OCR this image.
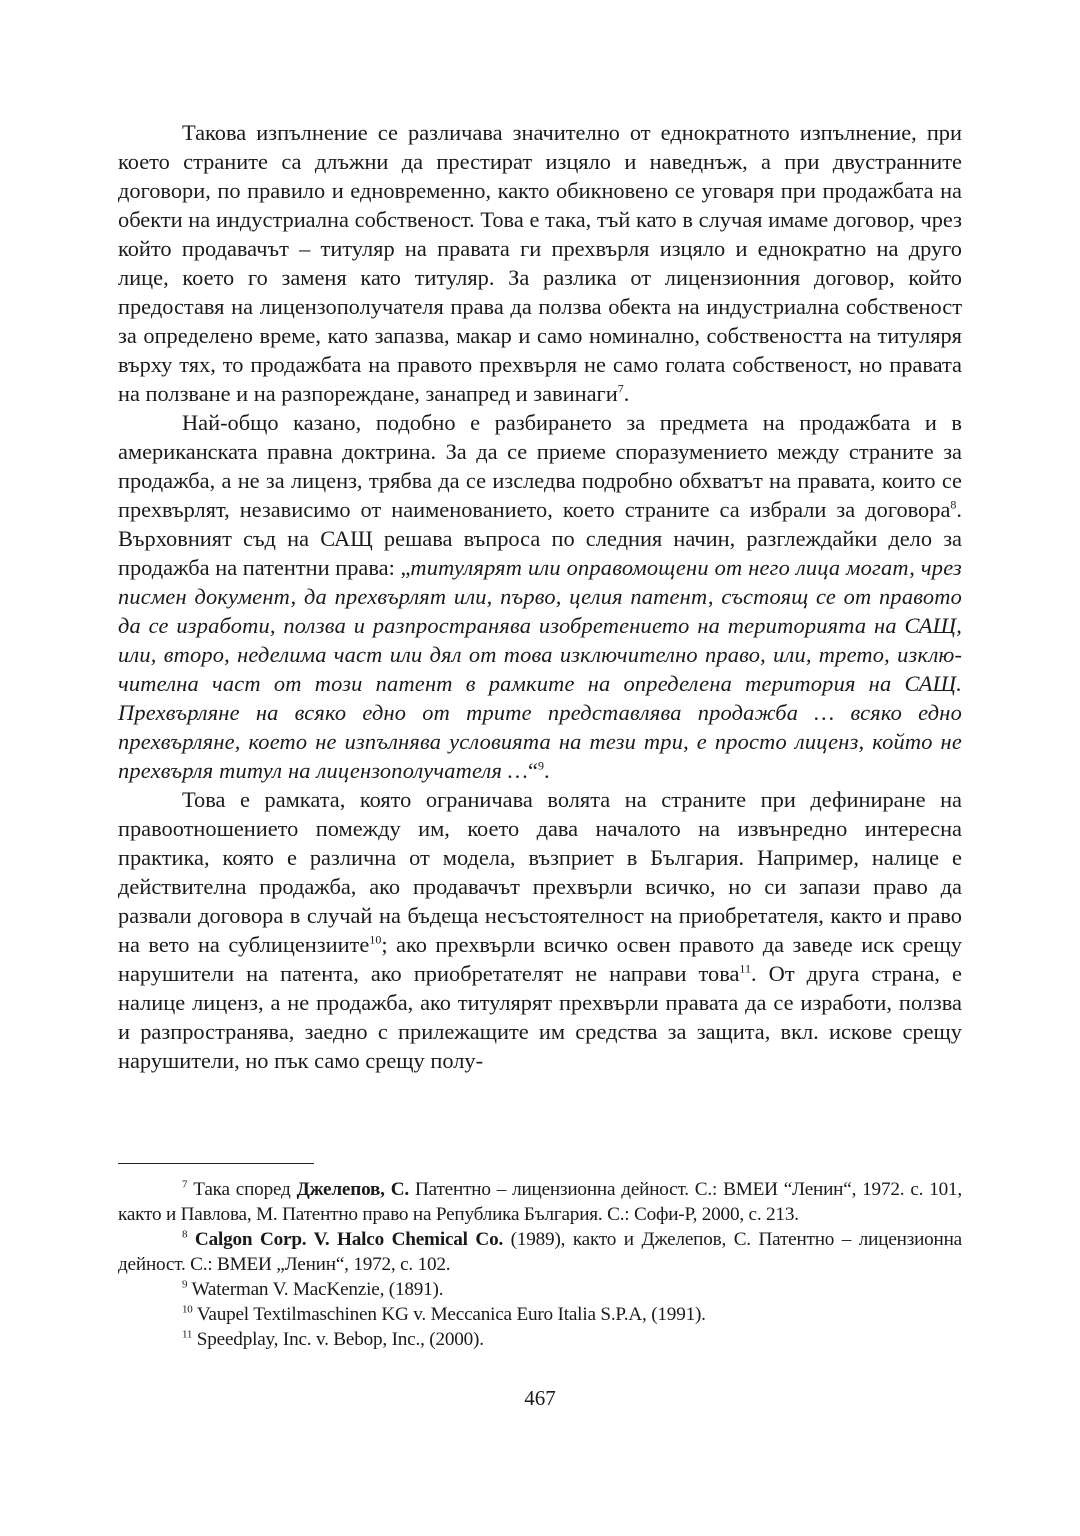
Такова изпълнение се различава значително от еднократното изпълнение, при което страните са длъжни да престират изцяло и наведнъж, а при двустранните договори, по правило и едновременно, както обикновено се уговаря при продажбата на обекти на индустриална собственост. Това е така, тъй като в случая имаме договор, чрез който продавачът – титуляр на правата ги прехвърля изцяло и еднократно на друго лице, което го заменя като титуляр. За разлика от лицензионния договор, който предоставя на лицензополучателя права да ползва обекта на индустриална собственост за определено време, като запазва, макар и само номинално, собствеността на титуляря върху тях, то продажбата на правото прехвърля не само голата собственост, но правата на ползване и на разпореждане, занапред и завинаги$^7$.

Най-общо казано, подобно е разбирането за предмета на продажбата и в американската правна доктрина. За да се приеме споразумението между страните за продажба, а не за лиценз, трябва да се изследва подробно обхватът на правата, които се прехвърлят, независимо от наименованието, което страните са избрали за договора$^8$. Върховният съд на САЩ решава въпроса по следния начин, разглеждайки дело за продажба на патентни права: „титулярят или оправомощени от него лица могат, чрез писмен документ, да прехвърлят или, първо, целия патент, състоящ се от правото да се изработи, ползва и разпространява изобретението на територията на САЩ, или, второ, неделима част или дял от това изключително право, или, трето, изключителна част от този патент в рамките на определена територия на САЩ. Прехвърляне на всяко едно от трите представлява продажба … всяко едно прехвърляне, което не изпълнява условията на тези три, е просто лиценз, който не прехвърля титул на лицензополучателя …“$^9$.

Това е рамката, която ограничава волята на страните при дефиниране на правоотношението помежду им, което дава началото на извънредно интересна практика, която е различна от модела, възприет в България. Например, налице е действителна продажба, ако продавачът прехвърли всичко, но си запази право да развали договора в случай на бъдеща несъстоятелност на приобретателя, както и право на вето на сублицензиите$^{10}$; ако прехвърли всичко освен правото да заведе иск срещу нарушители на патента, ако приобретателят не направи това$^{11}$. От друга страна, е налице лиценз, а не продажба, ако титулярят прехвърли правата да се изработи, ползва и разпространява, заедно с прилежащите им средства за защита, вкл. искове срещу нарушители, но пък само срещу полу-

$^7$ Така според Джелепов, С. Патентно – лицензионна дейност. С.: ВМЕИ “Ленин“, 1972. с. 101, както и Павлова, М. Патентно право на Република България. С.: Софи-Р, 2000, с. 213.

$^8$ Calgon Corp. V. Halco Chemical Co. (1989), както и Джелепов, С. Патентно – лицензионна дейност. С.: ВМЕИ „Ленин“, 1972, с. 102.

$^9$ Waterman V. MacKenzie, (1891).

$^{10}$ Vaupel Textilmaschinen KG v. Meccanica Euro Italia S.P.A, (1991).

$^{11}$ Speedplay, Inc. v. Bebop, Inc., (2000).

467
